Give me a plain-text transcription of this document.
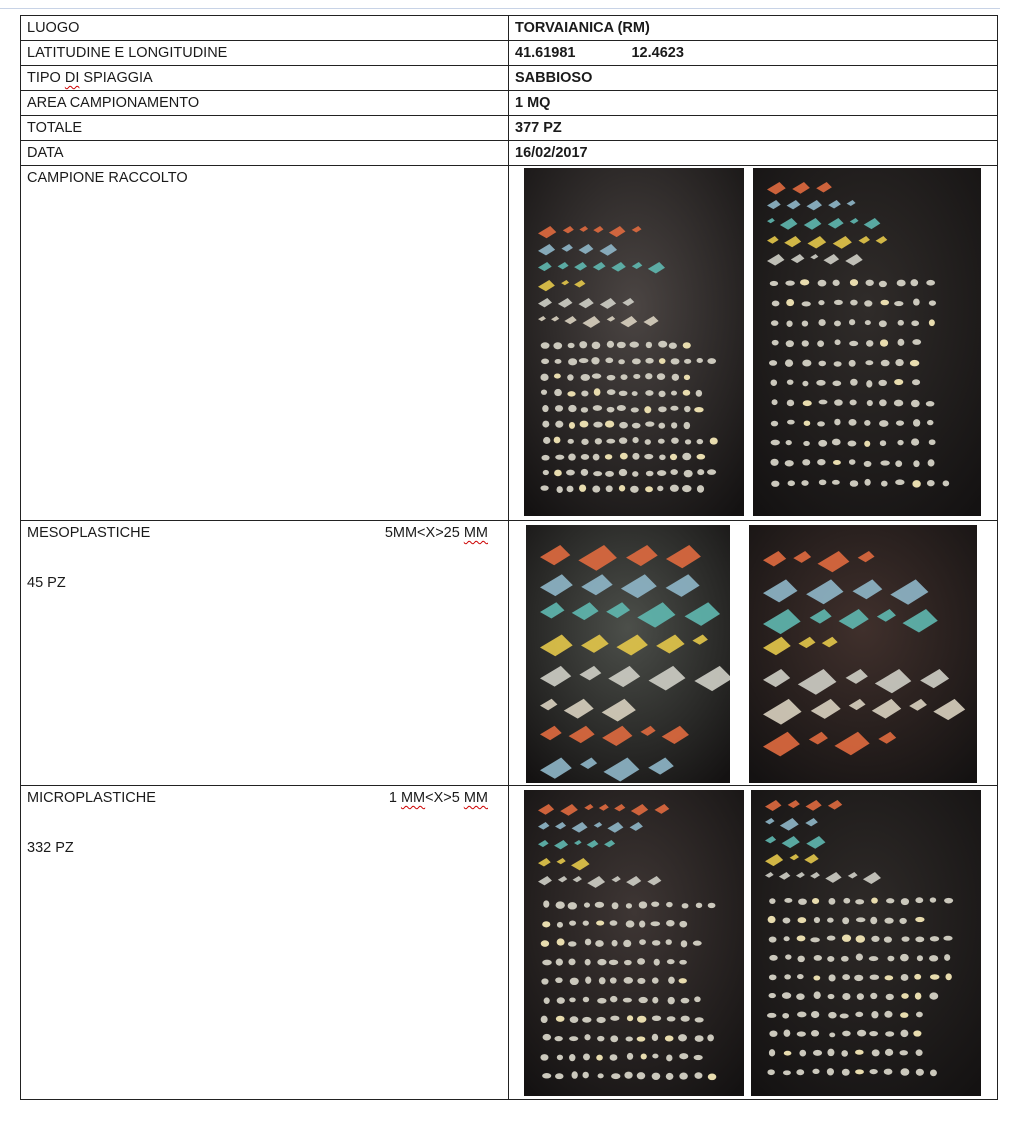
LUOGO	TORVAIANICA (RM)
LATITUDINE E LONGITUDINE	41.61981 12.4623
TIPO DI SPIAGGIA	SABBIOSO
AREA CAMPIONAMENTO	1 MQ
TOTALE	377 PZ
DATA	16/02/2017
CAMPIONE RACCOLTO	

MESOPLASTICHE 5MM<X>25 MM
45 PZ

MICROPLASTICHE 1 MM<X>5 MM
332 PZ
